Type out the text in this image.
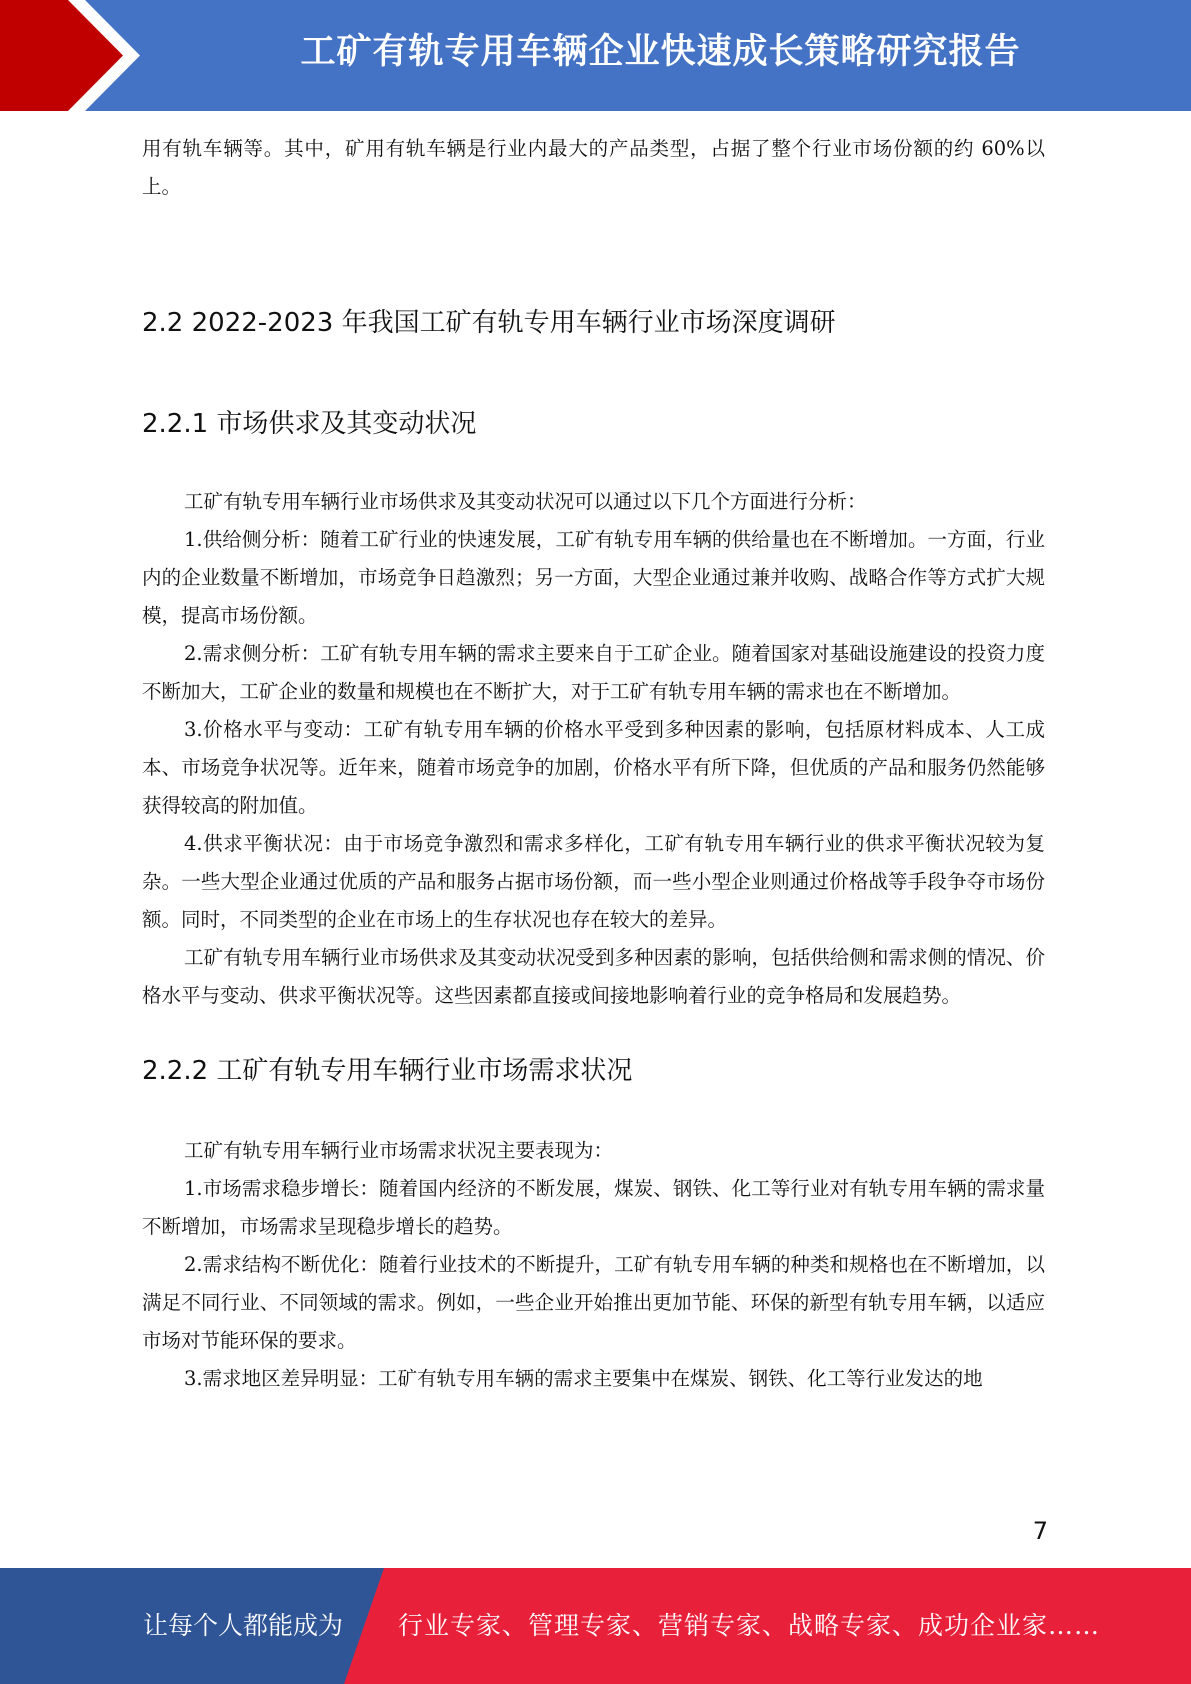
工矿有轨专用车辆企业快速成长策略研究报告

用有轨车辆等。其中，矿用有轨车辆是行业内最大的产品类型，占据了整个行业市场份额的约 60%以上。

2.2 2022-2023 年我国工矿有轨专用车辆行业市场深度调研
2.2.1 市场供求及其变动状况

工矿有轨专用车辆行业市场供求及其变动状况可以通过以下几个方面进行分析：

1.供给侧分析：随着工矿行业的快速发展，工矿有轨专用车辆的供给量也在不断增加。一方面，行业内的企业数量不断增加，市场竞争日趋激烈；另一方面，大型企业通过兼并收购、战略合作等方式扩大规模，提高市场份额。

2.需求侧分析：工矿有轨专用车辆的需求主要来自于工矿企业。随着国家对基础设施建设的投资力度不断加大，工矿企业的数量和规模也在不断扩大，对于工矿有轨专用车辆的需求也在不断增加。

3.价格水平与变动：工矿有轨专用车辆的价格水平受到多种因素的影响，包括原材料成本、人工成本、市场竞争状况等。近年来，随着市场竞争的加剧，价格水平有所下降，但优质的产品和服务仍然能够获得较高的附加值。

4.供求平衡状况：由于市场竞争激烈和需求多样化，工矿有轨专用车辆行业的供求平衡状况较为复杂。一些大型企业通过优质的产品和服务占据市场份额，而一些小型企业则通过价格战等手段争夺市场份额。同时，不同类型的企业在市场上的生存状况也存在较大的差异。

工矿有轨专用车辆行业市场供求及其变动状况受到多种因素的影响，包括供给侧和需求侧的情况、价格水平与变动、供求平衡状况等。这些因素都直接或间接地影响着行业的竞争格局和发展趋势。

2.2.2 工矿有轨专用车辆行业市场需求状况

工矿有轨专用车辆行业市场需求状况主要表现为：

1.市场需求稳步增长：随着国内经济的不断发展，煤炭、钢铁、化工等行业对有轨专用车辆的需求量不断增加，市场需求呈现稳步增长的趋势。

2.需求结构不断优化：随着行业技术的不断提升，工矿有轨专用车辆的种类和规格也在不断增加，以满足不同行业、不同领域的需求。例如，一些企业开始推出更加节能、环保的新型有轨专用车辆，以适应市场对节能环保的要求。

3.需求地区差异明显：工矿有轨专用车辆的需求主要集中在煤炭、钢铁、化工等行业发达的地

7
让每个人都能成为 行业专家、管理专家、营销专家、战略专家、成功企业家……
